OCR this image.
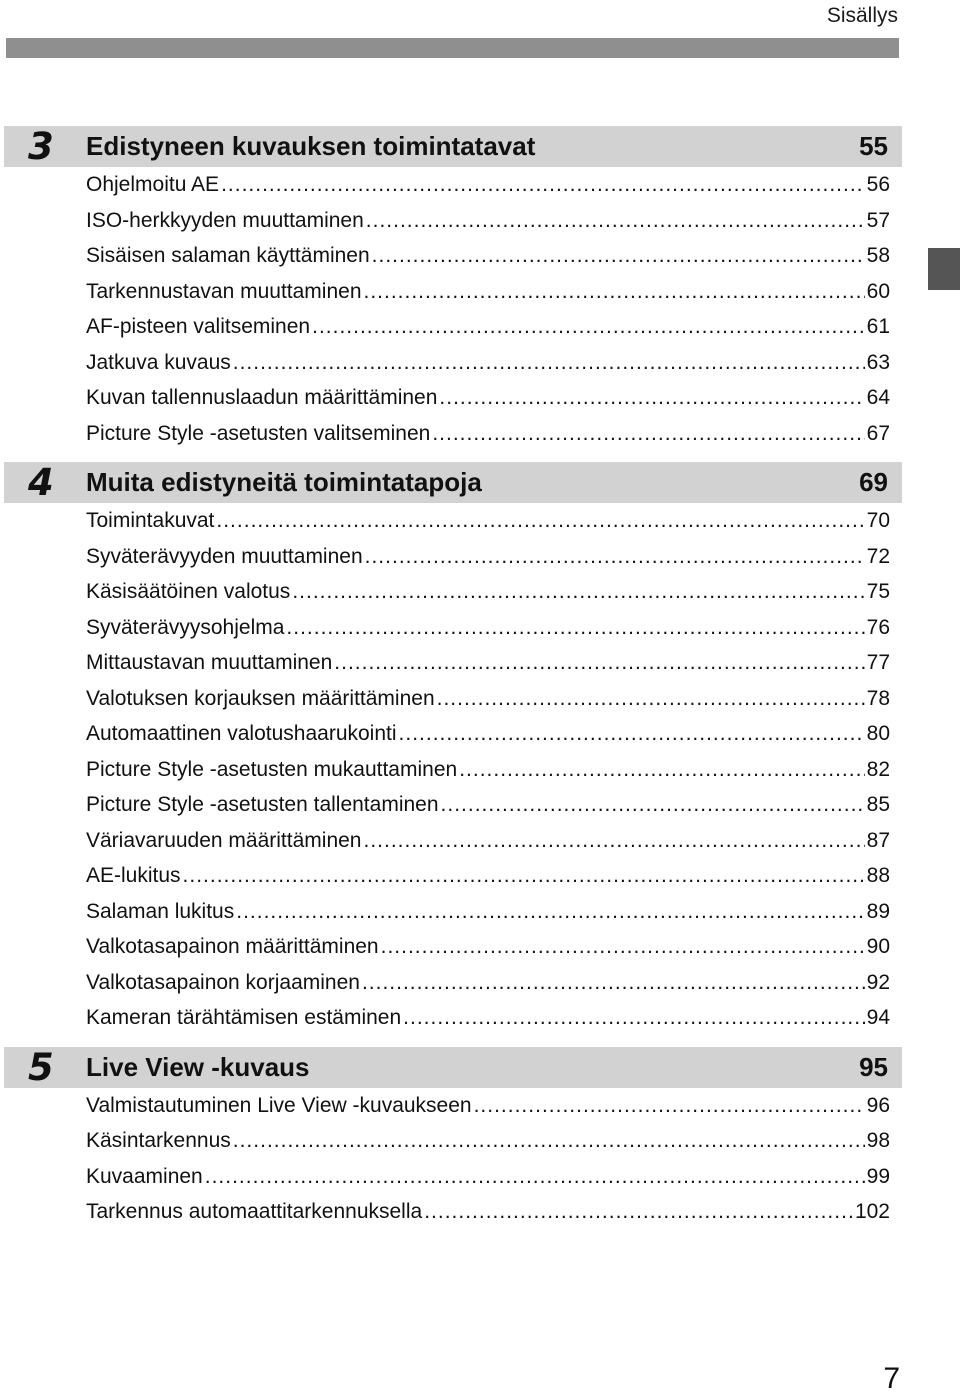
Sisällys
3 Edistyneen kuvauksen toimintatavat	55
Ohjelmoitu AE .....	56
ISO-herkkyyden muuttaminen .....	57
Sisäisen salaman käyttäminen .....	58
Tarkennustavan muuttaminen .....	60
AF-pisteen valitseminen .....	61
Jatkuva kuvaus .....	63
Kuvan tallennuslaadun määrittäminen .....	64
Picture Style -asetusten valitseminen .....	67
4 Muita edistyneitä toimintatapoja	69
Toimintakuvat .....	70
Syväterävyyden muuttaminen .....	72
Käsisäätöinen valotus .....	75
Syväterävyysohjelma .....	76
Mittaustavan muuttaminen .....	77
Valotuksen korjauksen määrittäminen .....	78
Automaattinen valotushaarukointi .....	80
Picture Style -asetusten mukauttaminen .....	82
Picture Style -asetusten tallentaminen .....	85
Väriavaruuden määrittäminen .....	87
AE-lukitus .....	88
Salaman lukitus .....	89
Valkotasapainon määrittäminen .....	90
Valkotasapainon korjaaminen .....	92
Kameran tärähtämisen estäminen .....	94
5 Live View -kuvaus	95
Valmistautuminen Live View -kuvaukseen .....	96
Käsintarkennus .....	98
Kuvaaminen .....	99
Tarkennus automaattitarkennuksella .....	102
7
